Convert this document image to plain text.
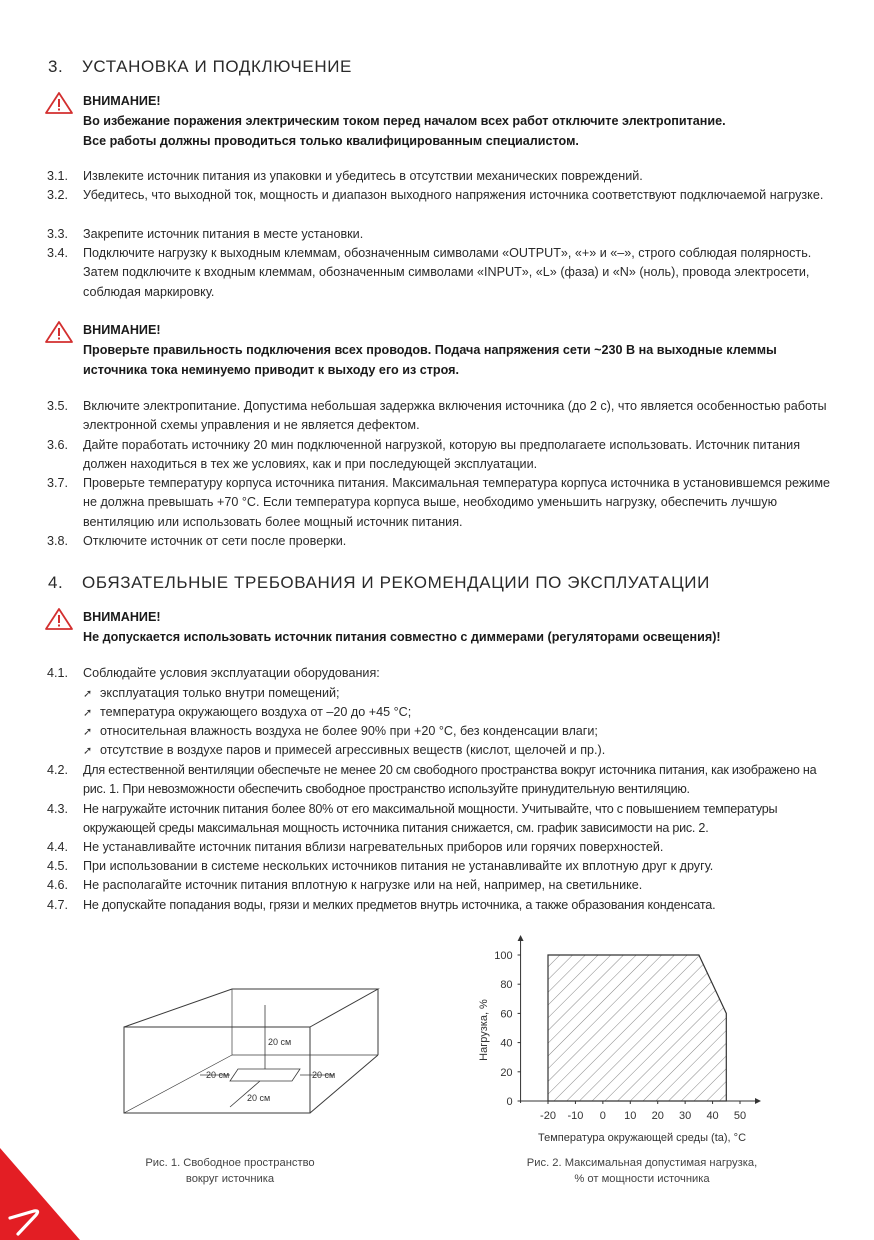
3. УСТАНОВКА И ПОДКЛЮЧЕНИЕ
ВНИМАНИЕ!
Во избежание поражения электрическим током перед началом всех работ отключите электропитание.
Все работы должны проводиться только квалифицированным специалистом.
3.1. Извлеките источник питания из упаковки и убедитесь в отсутствии механических повреждений.
3.2. Убедитесь, что выходной ток, мощность и диапазон выходного напряжения источника соответствуют подключаемой нагрузке.
3.3. Закрепите источник питания в месте установки.
3.4. Подключите нагрузку к выходным клеммам, обозначенным символами «OUTPUT», «+» и «–», строго соблюдая полярность. Затем подключите к входным клеммам, обозначенным символами «INPUT», «L» (фаза) и «N» (ноль), провода электросети, соблюдая маркировку.
ВНИМАНИЕ!
Проверьте правильность подключения всех проводов. Подача напряжения сети ~230 В на выходные клеммы
источника тока неминуемо приводит к выходу его из строя.
3.5. Включите электропитание. Допустима небольшая задержка включения источника (до 2 с), что является особенностью работы электронной схемы управления и не является дефектом.
3.6. Дайте поработать источнику 20 мин подключенной нагрузкой, которую вы предполагаете использовать. Источник питания должен находиться в тех же условиях, как и при последующей эксплуатации.
3.7. Проверьте температуру корпуса источника питания. Максимальная температура корпуса источника в установившемся режиме не должна превышать +70 °C. Если температура корпуса выше, необходимо уменьшить нагрузку, обеспечить лучшую вентиляцию или использовать более мощный источник питания.
3.8. Отключите источник от сети после проверки.
4. ОБЯЗАТЕЛЬНЫЕ ТРЕБОВАНИЯ И РЕКОМЕНДАЦИИ ПО ЭКСПЛУАТАЦИИ
ВНИМАНИЕ!
Не допускается использовать источник питания совместно с диммерами (регуляторами освещения)!
4.1. Соблюдайте условия эксплуатации оборудования:
➚ эксплуатация только внутри помещений;
➚ температура окружающего воздуха от –20 до +45 °C;
➚ относительная влажность воздуха не более 90% при +20 °C, без конденсации влаги;
➚ отсутствие в воздухе паров и примесей агрессивных веществ (кислот, щелочей и пр.).
4.2. Для естественной вентиляции обеспечьте не менее 20 см свободного пространства вокруг источника питания, как изображено на рис. 1. При невозможности обеспечить свободное пространство используйте принудительную вентиляцию.
4.3. Не нагружайте источник питания более 80% от его максимальной мощности. Учитывайте, что с повышением температуры окружающей среды максимальная мощность источника питания снижается, см. график зависимости на рис. 2.
4.4. Не устанавливайте источник питания вблизи нагревательных приборов или горячих поверхностей.
4.5. При использовании в системе нескольких источников питания не устанавливайте их вплотную друг к другу.
4.6. Не располагайте источник питания вплотную к нагрузке или на ней, например, на светильнике.
4.7. Не допускайте попадания воды, грязи и мелких предметов внутрь источника, а также образования конденсата.
20 см
20 см	20 см
20 см
Рис. 1. Свободное пространство
вокруг источника
0
20
40
60
80
100
-20 -10 0 10 20 30 40 50
Нагрузка, %
Температура окружающей среды (ta), °C
Рис. 2. Максимальная допустимая нагрузка,
% от мощности источника
